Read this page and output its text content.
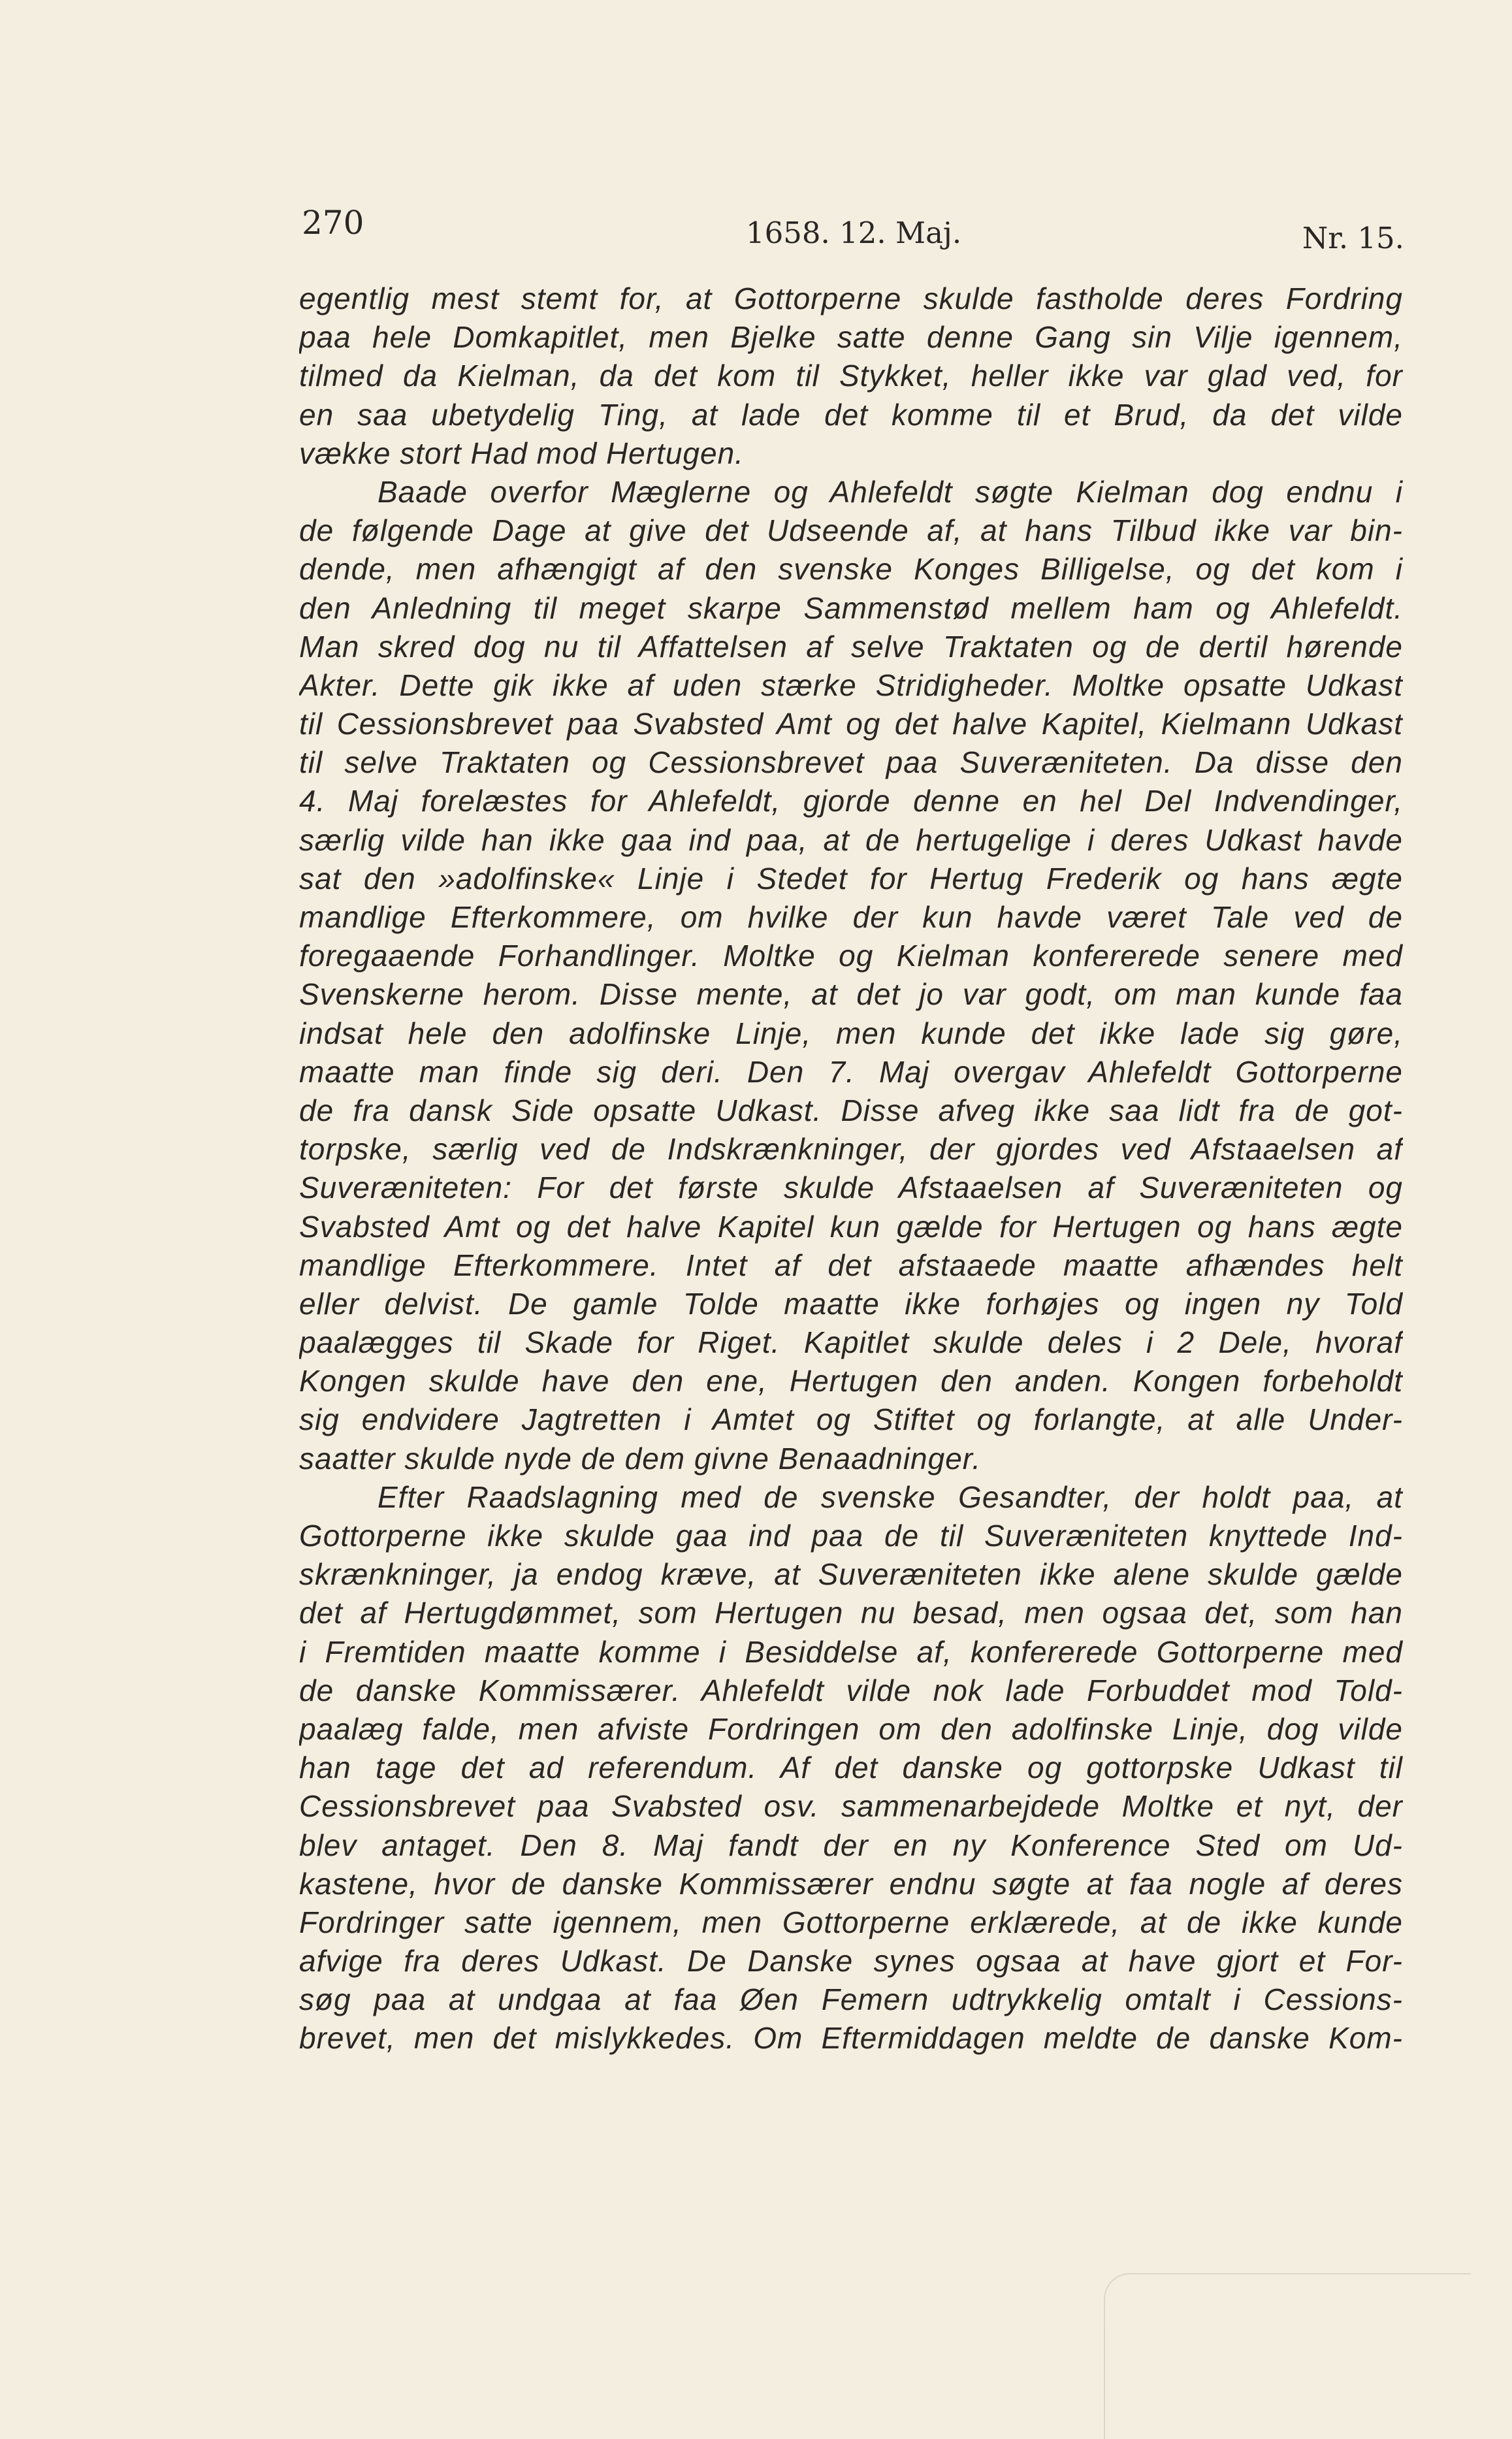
270	1658. 12. Maj.	Nr. 15.
egentlig mest stemt for, at Gottorperne skulde fastholde deres Fordring
paa hele Domkapitlet, men Bjelke satte denne Gang sin Vilje igennem,
tilmed da Kielman, da det kom til Stykket, heller ikke var glad ved, for
en saa ubetydelig Ting, at lade det komme til et Brud, da det vilde
vække stort Had mod Hertugen.
Baade overfor Mæglerne og Ahlefeldt søgte Kielman dog endnu i
de følgende Dage at give det Udseende af, at hans Tilbud ikke var bin-
dende, men afhængigt af den svenske Konges Billigelse, og det kom i
den Anledning til meget skarpe Sammenstød mellem ham og Ahlefeldt.
Man skred dog nu til Affattelsen af selve Traktaten og de dertil hørende
Akter. Dette gik ikke af uden stærke Stridigheder. Moltke opsatte Udkast
til Cessionsbrevet paa Svabsted Amt og det halve Kapitel, Kielmann Udkast
til selve Traktaten og Cessionsbrevet paa Suveræniteten. Da disse den
4. Maj forelæstes for Ahlefeldt, gjorde denne en hel Del Indvendinger,
særlig vilde han ikke gaa ind paa, at de hertugelige i deres Udkast havde
sat den »adolfinske« Linje i Stedet for Hertug Frederik og hans ægte
mandlige Efterkommere, om hvilke der kun havde været Tale ved de
foregaaende Forhandlinger. Moltke og Kielman konfererede senere med
Svenskerne herom. Disse mente, at det jo var godt, om man kunde faa
indsat hele den adolfinske Linje, men kunde det ikke lade sig gøre,
maatte man finde sig deri. Den 7. Maj overgav Ahlefeldt Gottorperne
de fra dansk Side opsatte Udkast. Disse afveg ikke saa lidt fra de got-
torpske, særlig ved de Indskrænkninger, der gjordes ved Afstaaelsen af
Suveræniteten: For det første skulde Afstaaelsen af Suveræniteten og
Svabsted Amt og det halve Kapitel kun gælde for Hertugen og hans ægte
mandlige Efterkommere. Intet af det afstaaede maatte afhændes helt
eller delvist. De gamle Tolde maatte ikke forhøjes og ingen ny Told
paalægges til Skade for Riget. Kapitlet skulde deles i 2 Dele, hvoraf
Kongen skulde have den ene, Hertugen den anden. Kongen forbeholdt
sig endvidere Jagtretten i Amtet og Stiftet og forlangte, at alle Under-
saatter skulde nyde de dem givne Benaadninger.
Efter Raadslagning med de svenske Gesandter, der holdt paa, at
Gottorperne ikke skulde gaa ind paa de til Suveræniteten knyttede Ind-
skrænkninger, ja endog kræve, at Suveræniteten ikke alene skulde gælde
det af Hertugdømmet, som Hertugen nu besad, men ogsaa det, som han
i Fremtiden maatte komme i Besiddelse af, konfererede Gottorperne med
de danske Kommissærer. Ahlefeldt vilde nok lade Forbuddet mod Told-
paalæg falde, men afviste Fordringen om den adolfinske Linje, dog vilde
han tage det ad referendum. Af det danske og gottorpske Udkast til
Cessionsbrevet paa Svabsted osv. sammenarbejdede Moltke et nyt, der
blev antaget. Den 8. Maj fandt der en ny Konference Sted om Ud-
kastene, hvor de danske Kommissærer endnu søgte at faa nogle af deres
Fordringer satte igennem, men Gottorperne erklærede, at de ikke kunde
afvige fra deres Udkast. De Danske synes ogsaa at have gjort et For-
søg paa at undgaa at faa Øen Femern udtrykkelig omtalt i Cessions-
brevet, men det mislykkedes. Om Eftermiddagen meldte de danske Kom-
